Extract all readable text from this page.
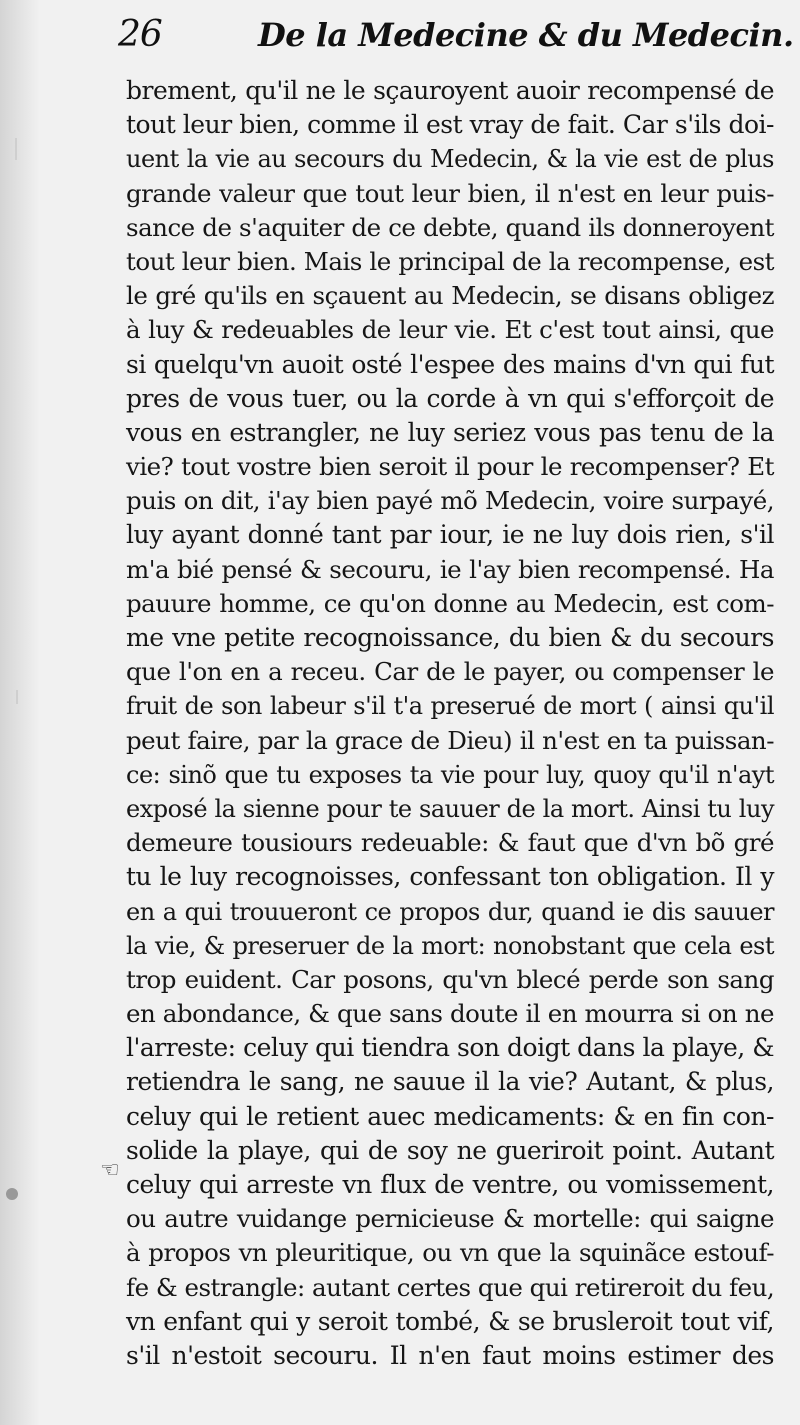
26	De la Medecine & du Medecin.
brement, qu'il ne le sçauroyent auoir recompensé de
tout leur bien, comme il est vray de fait. Car s'ils doi-
uent la vie au secours du Medecin, & la vie est de plus
grande valeur que tout leur bien, il n'est en leur puis-
sance de s'aquiter de ce debte, quand ils donneroyent
tout leur bien. Mais le principal de la recompense, est
le gré qu'ils en sçauent au Medecin, se disans obligez
à luy & redeuables de leur vie. Et c'est tout ainsi, que
si quelqu'vn auoit osté l'espee des mains d'vn qui fut
pres de vous tuer, ou la corde à vn qui s'efforçoit de
vous en estrangler, ne luy seriez vous pas tenu de la
vie? tout vostre bien seroit il pour le recompenser? Et
puis on dit, i'ay bien payé mõ Medecin, voire surpayé,
luy ayant donné tant par iour, ie ne luy dois rien, s'il
m'a bié pensé & secouru, ie l'ay bien recompensé. Ha
pauure homme, ce qu'on donne au Medecin, est com-
me vne petite recognoissance, du bien & du secours
que l'on en a receu. Car de le payer, ou compenser le
fruit de son labeur s'il t'a preserué de mort ( ainsi qu'il
peut faire, par la grace de Dieu) il n'est en ta puissan-
ce: sinõ que tu exposes ta vie pour luy, quoy qu'il n'ayt
exposé la sienne pour te sauuer de la mort. Ainsi tu luy
demeure tousiours redeuable: & faut que d'vn bõ gré
tu le luy recognoisses, confessant ton obligation. Il y
en a qui trouueront ce propos dur, quand ie dis sauuer
la vie, & preseruer de la mort: nonobstant que cela est
trop euident. Car posons, qu'vn blecé perde son sang
en abondance, & que sans doute il en mourra si on ne
l'arreste: celuy qui tiendra son doigt dans la playe, &
retiendra le sang, ne sauue il la vie? Autant, & plus,
celuy qui le retient auec medicaments: & en fin con-
solide la playe, qui de soy ne gueriroit point. Autant
celuy qui arreste vn flux de ventre, ou vomissement,
ou autre vuidange pernicieuse & mortelle: qui saigne
à propos vn pleuritique, ou vn que la squinãce estouf-
fe & estrangle: autant certes que qui retireroit du feu,
vn enfant qui y seroit tombé, & se brusleroit tout vif,
s'il n'estoit secouru. Il n'en faut moins estimer des
☜
